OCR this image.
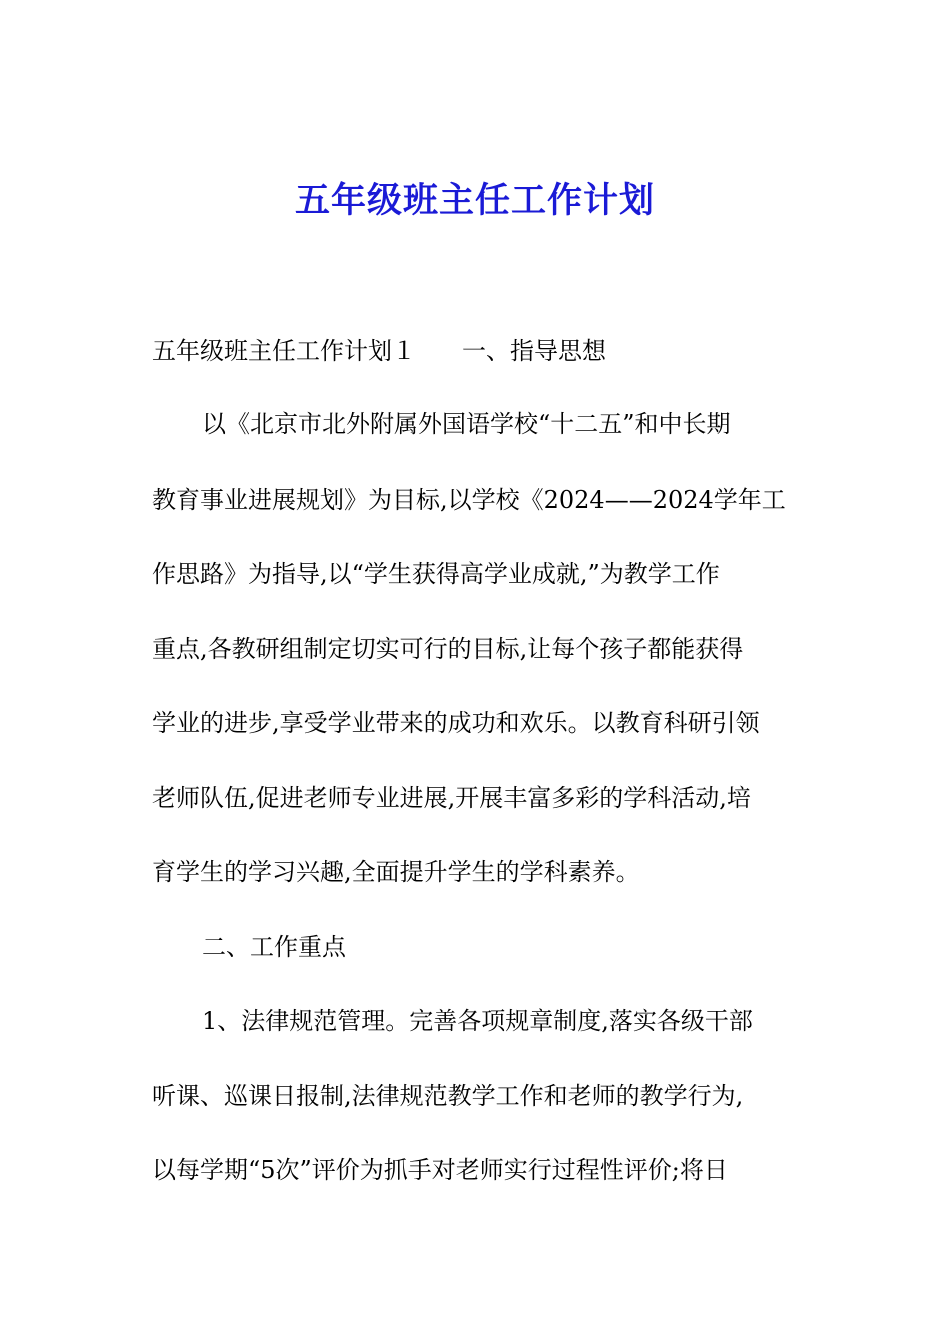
五年级班主任工作计划
五年级班主任工作计划１ 一、指导思想
以《北京市北外附属外国语学校“十二五”和中长期
教育事业进展规划》为目标,以学校《2024——2024学年工
作思路》为指导,以“学生获得高学业成就,”为教学工作
重点,各教研组制定切实可行的目标,让每个孩子都能获得
学业的进步,享受学业带来的成功和欢乐。以教育科研引领
老师队伍,促进老师专业进展,开展丰富多彩的学科活动,培
育学生的学习兴趣,全面提升学生的学科素养。
二、工作重点
1、法律规范管理。完善各项规章制度,落实各级干部
听课、巡课日报制,法律规范教学工作和老师的教学行为,
以每学期“5次”评价为抓手对老师实行过程性评价;将日
